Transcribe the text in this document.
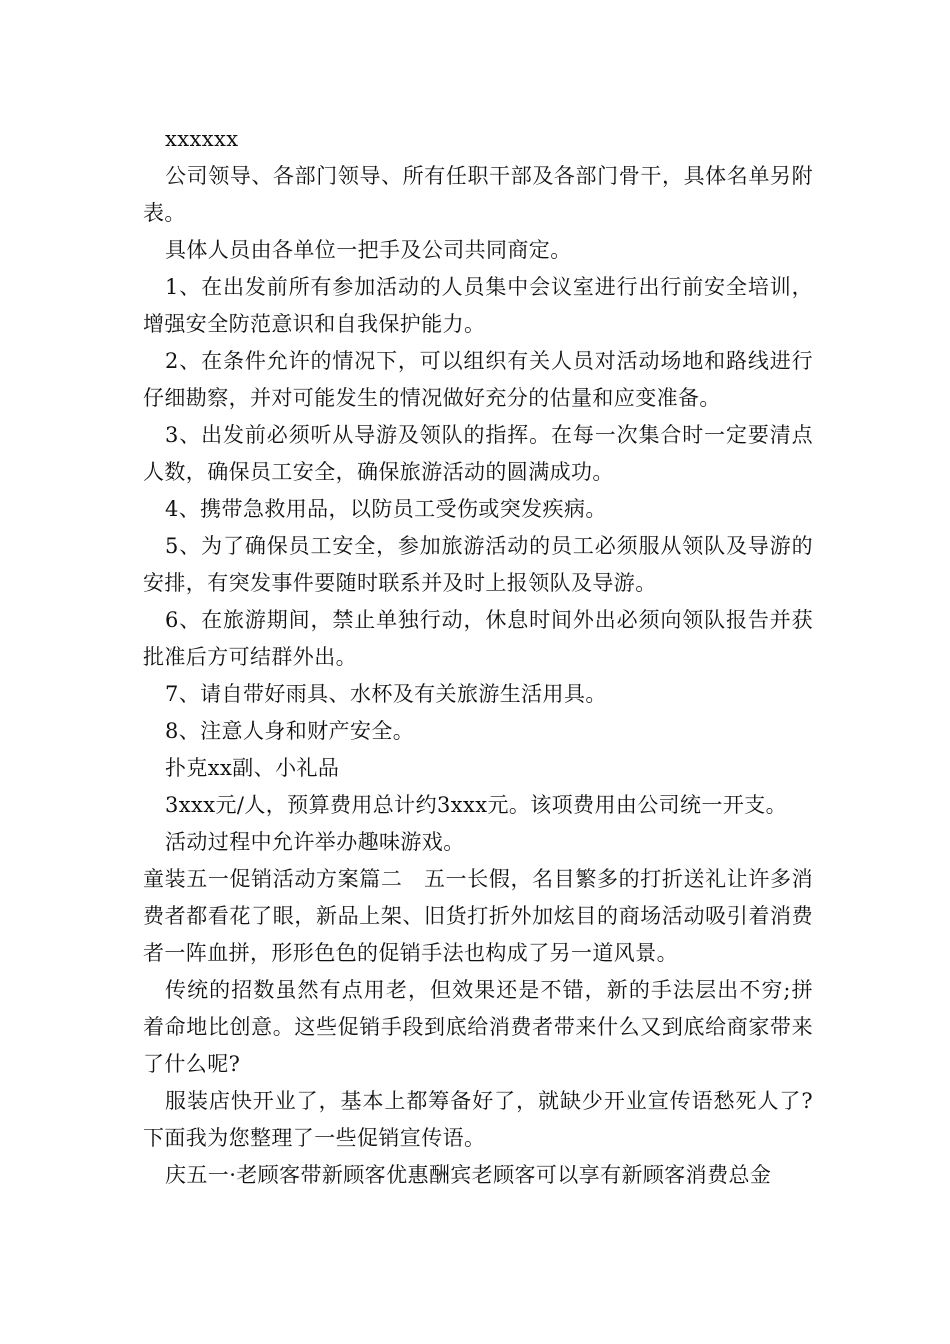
xxxxxx

公司领导、各部门领导、所有任职干部及各部门骨干，具体名单另附表。

具体人员由各单位一把手及公司共同商定。

1、在出发前所有参加活动的人员集中会议室进行出行前安全培训，增强安全防范意识和自我保护能力。

2、在条件允许的情况下，可以组织有关人员对活动场地和路线进行仔细勘察，并对可能发生的情况做好充分的估量和应变准备。

3、出发前必须听从导游及领队的指挥。在每一次集合时一定要清点人数，确保员工安全，确保旅游活动的圆满成功。

4、携带急救用品，以防员工受伤或突发疾病。

5、为了确保员工安全，参加旅游活动的员工必须服从领队及导游的安排，有突发事件要随时联系并及时上报领队及导游。

6、在旅游期间，禁止单独行动，休息时间外出必须向领队报告并获批准后方可结群外出。

7、请自带好雨具、水杯及有关旅游生活用具。

8、注意人身和财产安全。

扑克xx副、小礼品

3xxx元/人，预算费用总计约3xxx元。该项费用由公司统一开支。

活动过程中允许举办趣味游戏。

童装五一促销活动方案篇二　五一长假，名目繁多的打折送礼让许多消费者都看花了眼，新品上架、旧货打折外加炫目的商场活动吸引着消费者一阵血拼，形形色色的促销手法也构成了另一道风景。

传统的招数虽然有点用老，但效果还是不错，新的手法层出不穷;拼着命地比创意。这些促销手段到底给消费者带来什么又到底给商家带来了什么呢?

服装店快开业了，基本上都筹备好了，就缺少开业宣传语愁死人了?下面我为您整理了一些促销宣传语。

庆五一·老顾客带新顾客优惠酬宾老顾客可以享有新顾客消费总金
